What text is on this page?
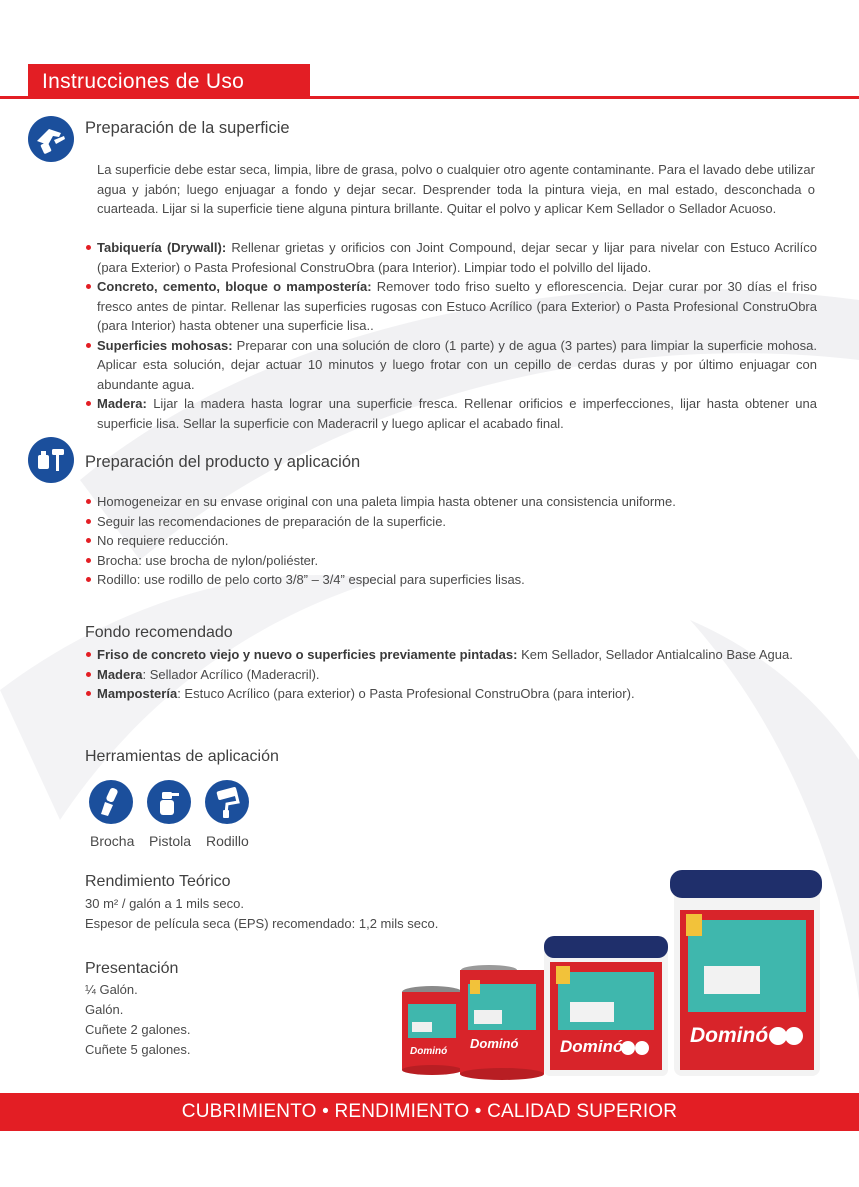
Instrucciones de Uso
Preparación de la superficie
La superficie debe estar seca, limpia, libre de grasa, polvo o cualquier otro agente contaminante. Para el lavado debe utilizar agua y jabón; luego enjuagar a fondo y dejar secar. Desprender toda la pintura vieja, en mal estado, desconchada o cuarteada. Lijar si la superficie tiene alguna pintura brillante. Quitar el polvo y aplicar Kem Sellador o Sellador Acuoso.
Tabiquería (Drywall): Rellenar grietas y orificios con Joint Compound, dejar secar y lijar para nivelar con Estuco Acrilíco (para Exterior) o Pasta Profesional ConstruObra (para Interior). Limpiar todo el polvillo del lijado.
Concreto, cemento, bloque o mampostería: Remover todo friso suelto y eflorescencia. Dejar curar por 30 días el friso fresco antes de pintar. Rellenar las superficies rugosas con Estuco Acrílico (para Exterior) o Pasta Profesional ConstruObra (para Interior) hasta obtener una superficie lisa..
Superficies mohosas: Preparar con una solución de cloro (1 parte) y de agua (3 partes) para limpiar la superficie mohosa. Aplicar esta solución, dejar actuar 10 minutos y luego frotar con un cepillo de cerdas duras y por último enjuagar con abundante agua.
Madera: Lijar la madera hasta lograr una superficie fresca. Rellenar orificios e imperfecciones, lijar hasta obtener una superficie lisa. Sellar la superficie con Maderacril y luego aplicar el acabado final.
Preparación del producto y aplicación
Homogeneizar en su envase original con una paleta limpia hasta obtener una consistencia uniforme.
Seguir las recomendaciones de preparación de la superficie.
No requiere reducción.
Brocha: use brocha de nylon/poliéster.
Rodillo: use rodillo de pelo corto 3/8” – 3/4” especial para superficies lisas.
Fondo recomendado
Friso de concreto viejo y nuevo o superficies previamente pintadas: Kem Sellador, Sellador Antialcalino Base Agua.
Madera: Sellador Acrílico (Maderacril).
Mampostería: Estuco Acrílico (para exterior) o Pasta Profesional ConstruObra (para interior).
Herramientas de aplicación
Brocha Pistola Rodillo
Rendimiento Teórico
30 m² / galón a 1 mils seco.
Espesor de película seca (EPS) recomendado: 1,2 mils seco.
Presentación
¼ Galón.
Galón.
Cuñete 2 galones.
Cuñete 5 galones.	Dominó
Dominó Dominó	Dominó
CUBRIMIENTO • RENDIMIENTO • CALIDAD SUPERIOR
